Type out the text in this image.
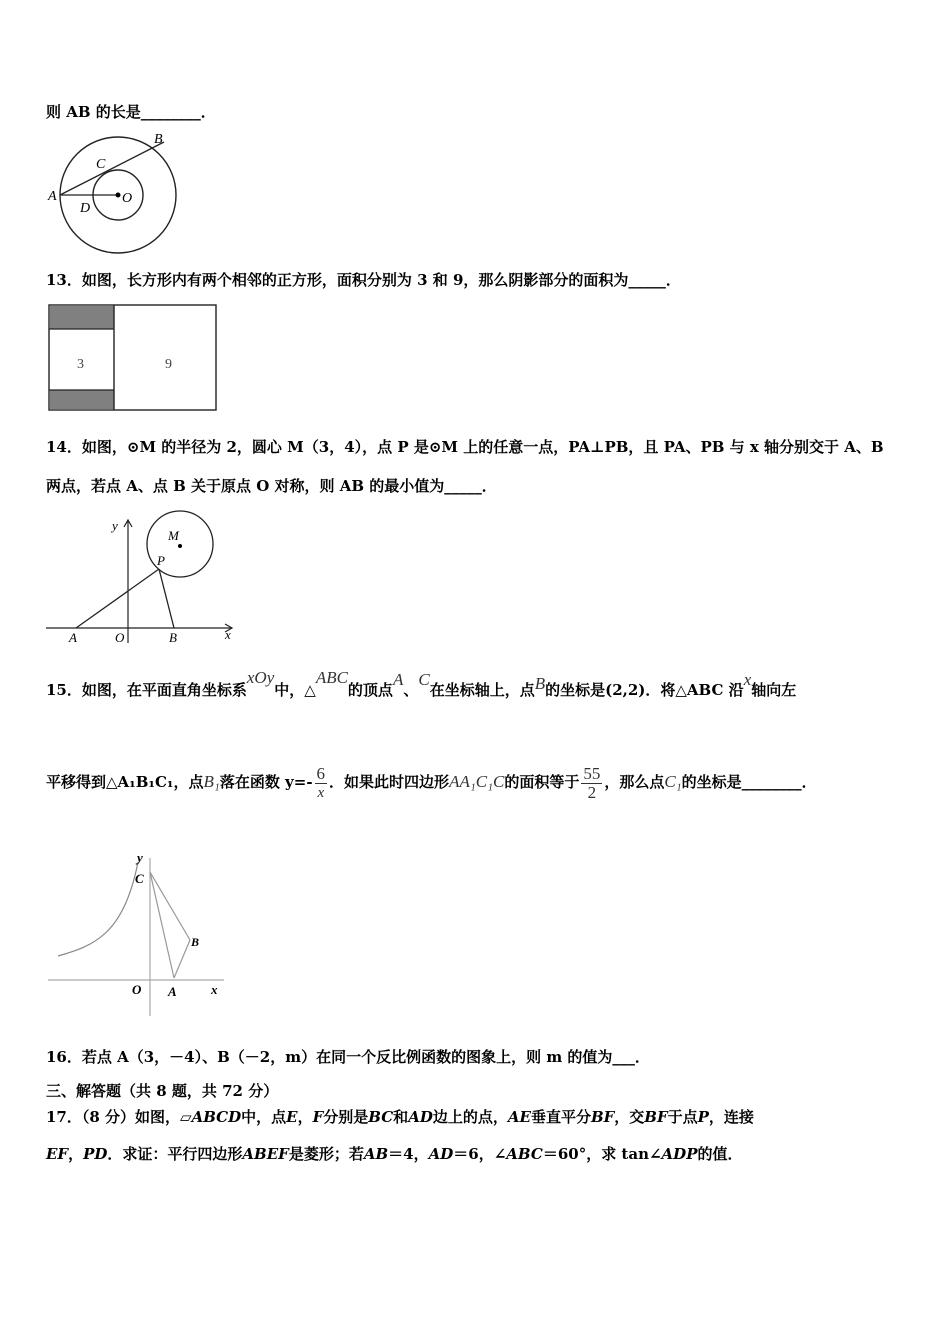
则 AB 的长是________．
A
B
C
D
O
13．如图，长方形内有两个相邻的正方形，面积分别为 3 和 9，那么阴影部分的面积为_____．
3	9
14．如图，⊙M 的半径为 2，圆心 M（3，4），点 P 是⊙M 上的任意一点，PA⊥PB，且 PA、PB 与 x 轴分别交于 A、B
两点，若点 A、点 B 关于原点 O 对称，则 AB 的最小值为_____．
y
M
P
A	O	B	x
15．如图，在平面直角坐标系xOy中，△ABC的顶点A、C在坐标轴上，点B的坐标是(2,2)．将△ABC 沿x轴向左
平移得到△A₁B₁C₁，点B₁落在函数 $y=- \frac{6}{x}$ ．如果此时四边形AA₁C₁C的面积等于 $\frac{55}{2}$ ，那么点C₁的坐标是________．
y
C
B
O A	x
16．若点 A（3，－4）、B（－2，m）在同一个反比例函数的图象上，则 m 的值为___．
三、解答题（共 8 题，共 72 分）
17．（8 分）如图，▱ABCD中，点E，F分别是BC和AD边上的点，AE垂直平分BF，交BF于点P，连接
EF，PD．求证：平行四边形ABEF是菱形；若AB＝4，AD＝6，∠ABC＝60°，求 tan∠ADP的值．
